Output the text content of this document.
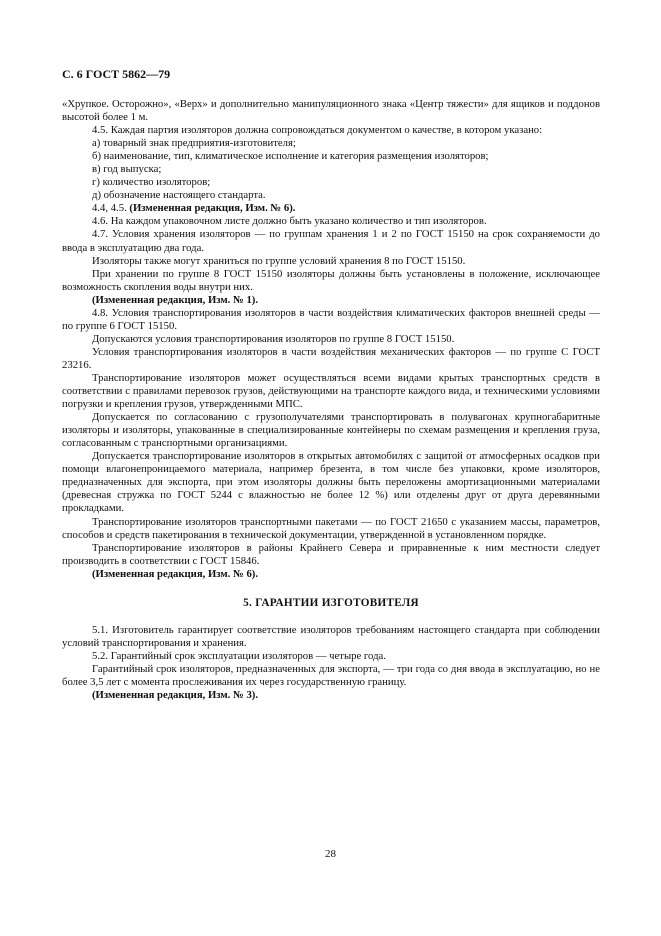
С. 6 ГОСТ 5862—79

«Хрупкое. Осторожно», «Верх» и дополнительно манипуляционного знака «Центр тяжести» для ящиков и поддонов высотой более 1 м.

4.5. Каждая партия изоляторов должна сопровождаться документом о качестве, в котором указано:

а) товарный знак предприятия-изготовителя;

б) наименование, тип, климатическое исполнение и категория размещения изоляторов;

в) год выпуска;

г) количество изоляторов;

д) обозначение настоящего стандарта.

4.4, 4.5. (Измененная редакция, Изм. № 6).

4.6. На каждом упаковочном листе должно быть указано количество и тип изоляторов.

4.7. Условия хранения изоляторов — по группам хранения 1 и 2 по ГОСТ 15150 на срок сохраняемости до ввода в эксплуатацию два года.

Изоляторы также могут храниться по группе условий хранения 8 по ГОСТ 15150.

При хранении по группе 8 ГОСТ 15150 изоляторы должны быть установлены в положение, исключающее возможность скопления воды внутри них.

(Измененная редакция, Изм. № 1).

4.8. Условия транспортирования изоляторов в части воздействия климатических факторов внешней среды — по группе 6 ГОСТ 15150.

Допускаются условия транспортирования изоляторов по группе 8 ГОСТ 15150.

Условия транспортирования изоляторов в части воздействия механических факторов — по группе С ГОСТ 23216.

Транспортирование изоляторов может осуществляться всеми видами крытых транспортных средств в соответствии с правилами перевозок грузов, действующими на транспорте каждого вида, и техническими условиями погрузки и крепления грузов, утвержденными МПС.

Допускается по согласованию с грузополучателями транспортировать в полувагонах крупногабаритные изоляторы и изоляторы, упакованные в специализированные контейнеры по схемам размещения и крепления груза, согласованным с транспортными организациями.

Допускается транспортирование изоляторов в открытых автомобилях с защитой от атмосферных осадков при помощи влагонепроницаемого материала, например брезента, в том числе без упаковки, кроме изоляторов, предназначенных для экспорта, при этом изоляторы должны быть переложены амортизационными материалами (древесная стружка по ГОСТ 5244 с влажностью не более 12 %) или отделены друг от друга деревянными прокладками.

Транспортирование изоляторов транспортными пакетами — по ГОСТ 21650 с указанием массы, параметров, способов и средств пакетирования в технической документации, утвержденной в установленном порядке.

Транспортирование изоляторов в районы Крайнего Севера и приравненные к ним местности следует производить в соответствии с ГОСТ 15846.

(Измененная редакция, Изм. № 6).

5. ГАРАНТИИ ИЗГОТОВИТЕЛЯ

5.1. Изготовитель гарантирует соответствие изоляторов требованиям настоящего стандарта при соблюдении условий транспортирования и хранения.

5.2. Гарантийный срок эксплуатации изоляторов — четыре года.

Гарантийный срок изоляторов, предназначенных для экспорта, — три года со дня ввода в эксплуатацию, но не более 3,5 лет с момента прослеживания их через государственную границу.

(Измененная редакция, Изм. № 3).

28
